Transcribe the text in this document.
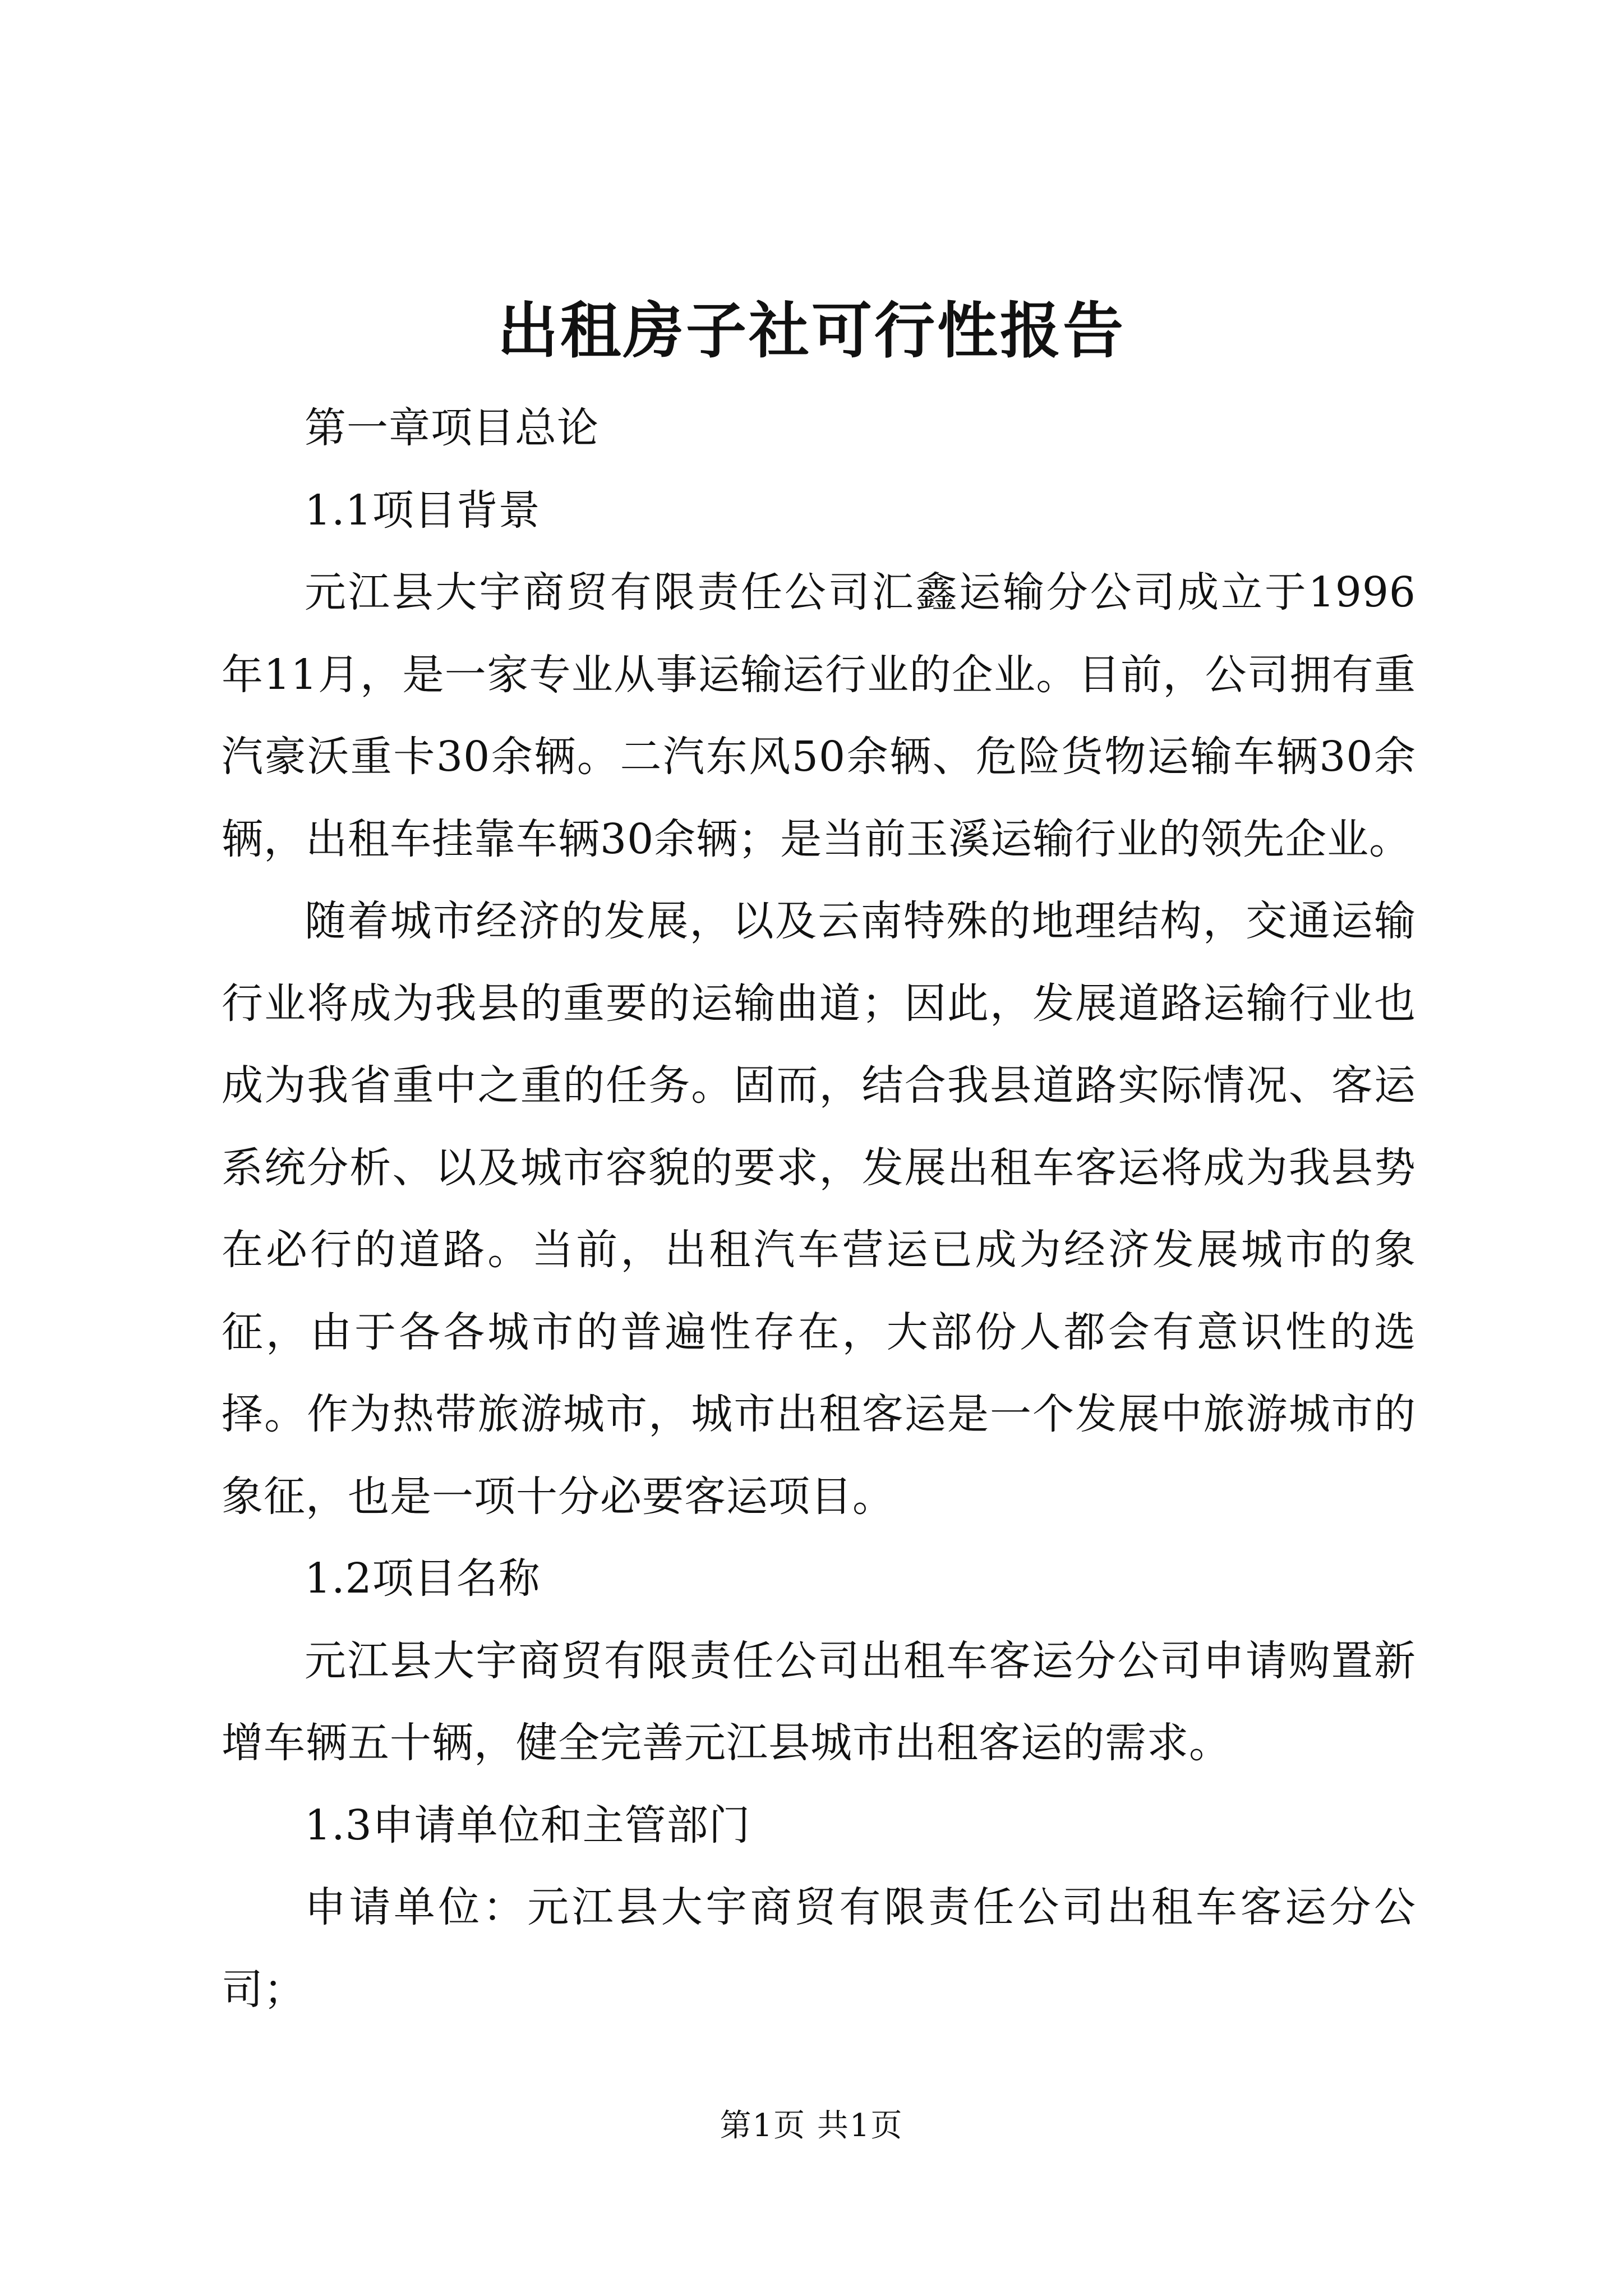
出租房子社可行性报告

第一章项目总论

1.1项目背景

元江县大宇商贸有限责任公司汇鑫运输分公司成立于1996年11月，是一家专业从事运输运行业的企业。目前，公司拥有重汽豪沃重卡30余辆。二汽东风50余辆、危险货物运输车辆30余辆，出租车挂靠车辆30余辆；是当前玉溪运输行业的领先企业。

随着城市经济的发展，以及云南特殊的地理结构，交通运输行业将成为我县的重要的运输曲道；因此，发展道路运输行业也成为我省重中之重的任务。固而，结合我县道路实际情况、客运系统分析、以及城市容貌的要求，发展出租车客运将成为我县势在必行的道路。当前，出租汽车营运已成为经济发展城市的象征，由于各各城市的普遍性存在，大部份人都会有意识性的选择。作为热带旅游城市，城市出租客运是一个发展中旅游城市的象征，也是一项十分必要客运项目。

1.2项目名称

元江县大宇商贸有限责任公司出租车客运分公司申请购置新增车辆五十辆，健全完善元江县城市出租客运的需求。

1.3申请单位和主管部门

申请单位：元江县大宇商贸有限责任公司出租车客运分公司；

第1页 共1页
